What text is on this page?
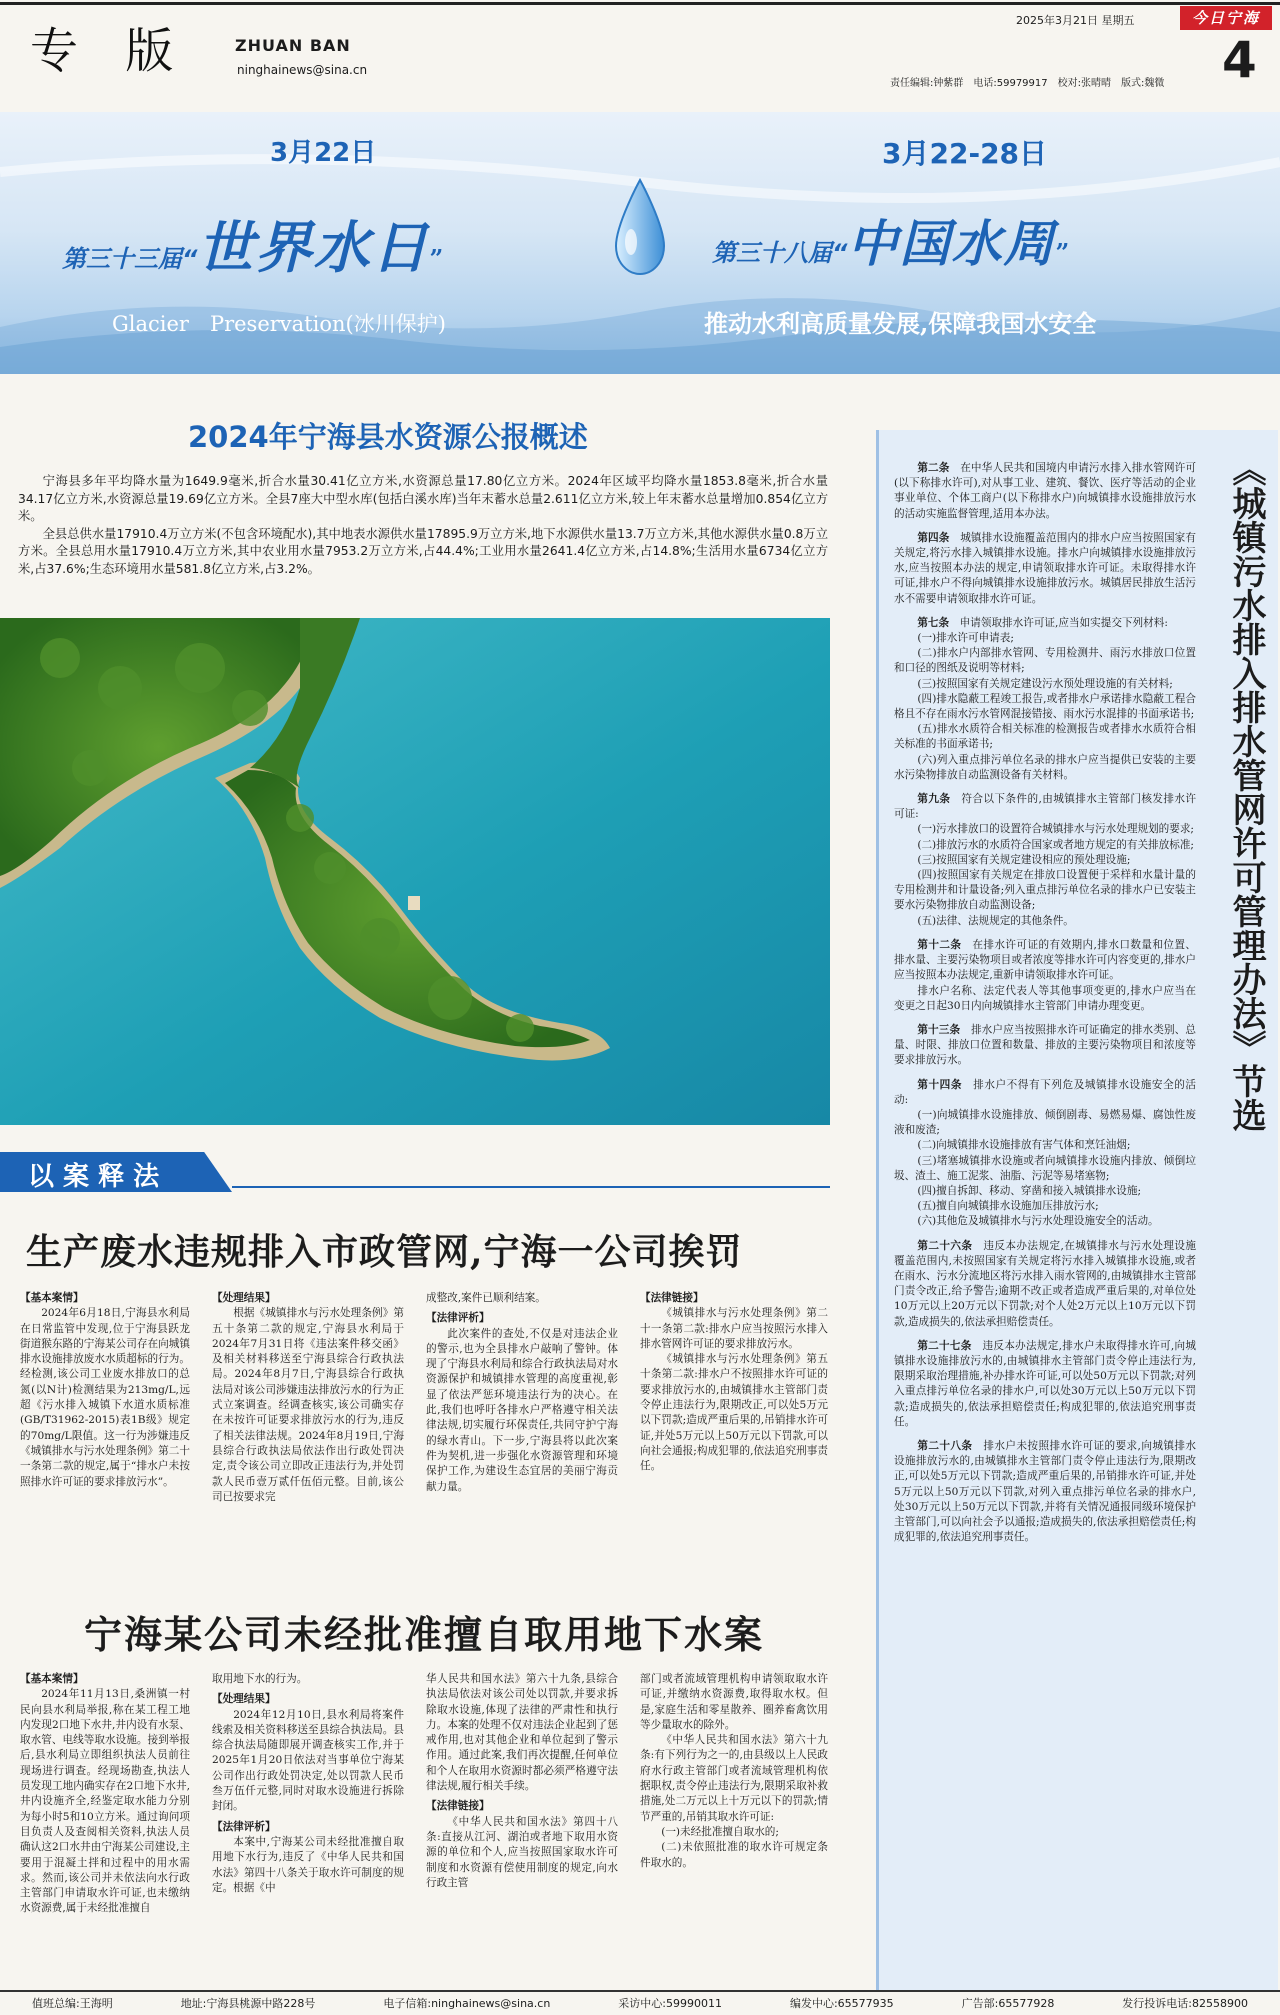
专 版	ZHUAN BAN
ninghainews@sina.cn
2025年3月21日 星期五	今日宁海
4
责任编辑:钟紫群　电话:59979917　校对:张晴晴　版式:魏微
3月22日	3月22-28日
第三十三届“世界水日”	第三十八届“中国水周”
Glacier　Preservation(冰川保护)	推动水利高质量发展,保障我国水安全
2024年宁海县水资源公报概述

宁海县多年平均降水量为1649.9毫米,折合水量30.41亿立方米,水资源总量17.80亿立方米。2024年区域平均降水量1853.8毫米,折合水量34.17亿立方米,水资源总量19.69亿立方米。全县7座大中型水库(包括白溪水库)当年末蓄水总量2.611亿立方米,较上年末蓄水总量增加0.854亿立方米。

全县总供水量17910.4万立方米(不包含环境配水),其中地表水源供水量17895.9万立方米,地下水源供水量13.7万立方米,其他水源供水量0.8万立方米。全县总用水量17910.4万立方米,其中农业用水量7953.2万立方米,占44.4%;工业用水量2641.4亿立方米,占14.8%;生活用水量6734亿立方米,占37.6%;生态环境用水量581.8亿立方米,占3.2%。

以 案 释 法
生产废水违规排入市政管网,宁海一公司挨罚

【基本案情】

2024年6月18日,宁海县水利局在日常监管中发现,位于宁海县跃龙街道猴东路的宁海某公司存在向城镇排水设施排放废水水质超标的行为。经检测,该公司工业废水排放口的总氮(以N计)检测结果为213mg/L,远超《污水排入城镇下水道水质标准(GB/T31962-2015)表1B级》规定的70mg/L限值。这一行为涉嫌违反《城镇排水与污水处理条例》第二十一条第二款的规定,属于“排水户未按照排水许可证的要求排放污水”。

【处理结果】

根据《城镇排水与污水处理条例》第五十条第二款的规定,宁海县水利局于2024年7月31日将《违法案件移交函》及相关材料移送至宁海县综合行政执法局。2024年8月7日,宁海县综合行政执法局对该公司涉嫌违法排放污水的行为正式立案调查。经调查核实,该公司确实存在未按许可证要求排放污水的行为,违反了相关法律法规。2024年8月19日,宁海县综合行政执法局依法作出行政处罚决定,责令该公司立即改正违法行为,并处罚款人民币壹万贰仟伍佰元整。目前,该公司已按要求完

成整改,案件已顺利结案。

【法律评析】

此次案件的查处,不仅是对违法企业的警示,也为全县排水户敲响了警钟。体现了宁海县水利局和综合行政执法局对水资源保护和城镇排水管理的高度重视,彰显了依法严惩环境违法行为的决心。在此,我们也呼吁各排水户严格遵守相关法律法规,切实履行环保责任,共同守护宁海的绿水青山。下一步,宁海县将以此次案件为契机,进一步强化水资源管理和环境保护工作,为建设生态宜居的美丽宁海贡献力量。

【法律链接】

《城镇排水与污水处理条例》第二十一条第二款:排水户应当按照污水排入排水管网许可证的要求排放污水。

《城镇排水与污水处理条例》第五十条第二款:排水户不按照排水许可证的要求排放污水的,由城镇排水主管部门责令停止违法行为,限期改正,可以处5万元以下罚款;造成严重后果的,吊销排水许可证,并处5万元以上50万元以下罚款,可以向社会通报;构成犯罪的,依法追究刑事责任。

宁海某公司未经批准擅自取用地下水案

【基本案情】

2024年11月13日,桑洲镇一村民向县水利局举报,称在某工程工地内发现2口地下水井,井内设有水泵、取水管、电线等取水设施。接到举报后,县水利局立即组织执法人员前往现场进行调查。经现场勘查,执法人员发现工地内确实存在2口地下水井,井内设施齐全,经鉴定取水能力分别为每小时5和10立方米。通过询问项目负责人及查阅相关资料,执法人员确认这2口水井由宁海某公司建设,主要用于混凝土拌和过程中的用水需求。然而,该公司并未依法向水行政主管部门申请取水许可证,也未缴纳水资源费,属于未经批准擅自

取用地下水的行为。

【处理结果】

2024年12月10日,县水利局将案件线索及相关资料移送至县综合执法局。县综合执法局随即展开调查核实工作,并于2025年1月20日依法对当事单位宁海某公司作出行政处罚决定,处以罚款人民币叁万伍仟元整,同时对取水设施进行拆除封闭。

【法律评析】

本案中,宁海某公司未经批准擅自取用地下水行为,违反了《中华人民共和国水法》第四十八条关于取水许可制度的规定。根据《中

华人民共和国水法》第六十九条,县综合执法局依法对该公司处以罚款,并要求拆除取水设施,体现了法律的严肃性和执行力。本案的处理不仅对违法企业起到了惩戒作用,也对其他企业和单位起到了警示作用。通过此案,我们再次提醒,任何单位和个人在取用水资源时都必须严格遵守法律法规,履行相关手续。

【法律链接】

《中华人民共和国水法》第四十八条:直接从江河、湖泊或者地下取用水资源的单位和个人,应当按照国家取水许可制度和水资源有偿使用制度的规定,向水行政主管

部门或者流域管理机构申请领取取水许可证,并缴纳水资源费,取得取水权。但是,家庭生活和零星散养、圈养畜禽饮用等少量取水的除外。

《中华人民共和国水法》第六十九条:有下列行为之一的,由县级以上人民政府水行政主管部门或者流域管理机构依据职权,责令停止违法行为,限期采取补救措施,处二万元以上十万元以下的罚款;情节严重的,吊销其取水许可证:

(一)未经批准擅自取水的;

(二)未依照批准的取水许可规定条件取水的。

第二条　在中华人民共和国境内申请污水排入排水管网许可(以下称排水许可),对从事工业、建筑、餐饮、医疗等活动的企业事业单位、个体工商户(以下称排水户)向城镇排水设施排放污水的活动实施监督管理,适用本办法。

第四条　城镇排水设施覆盖范围内的排水户应当按照国家有关规定,将污水排入城镇排水设施。排水户向城镇排水设施排放污水,应当按照本办法的规定,申请领取排水许可证。未取得排水许可证,排水户不得向城镇排水设施排放污水。城镇居民排放生活污水不需要申请领取排水许可证。

第七条　申请领取排水许可证,应当如实提交下列材料:

(一)排水许可申请表;

(二)排水户内部排水管网、专用检测井、雨污水排放口位置和口径的图纸及说明等材料;

(三)按照国家有关规定建设污水预处理设施的有关材料;

(四)排水隐蔽工程竣工报告,或者排水户承诺排水隐蔽工程合格且不存在雨水污水管网混接错接、雨水污水混排的书面承诺书;

(五)排水水质符合相关标准的检测报告或者排水水质符合相关标准的书面承诺书;

(六)列入重点排污单位名录的排水户应当提供已安装的主要水污染物排放自动监测设备有关材料。

第九条　符合以下条件的,由城镇排水主管部门核发排水许可证:

(一)污水排放口的设置符合城镇排水与污水处理规划的要求;

(二)排放污水的水质符合国家或者地方规定的有关排放标准;

(三)按照国家有关规定建设相应的预处理设施;

(四)按照国家有关规定在排放口设置便于采样和水量计量的专用检测井和计量设备;列入重点排污单位名录的排水户已安装主要水污染物排放自动监测设备;

(五)法律、法规规定的其他条件。

第十二条　在排水许可证的有效期内,排水口数量和位置、排水量、主要污染物项目或者浓度等排水许可内容变更的,排水户应当按照本办法规定,重新申请领取排水许可证。

排水户名称、法定代表人等其他事项变更的,排水户应当在变更之日起30日内向城镇排水主管部门申请办理变更。

第十三条　排水户应当按照排水许可证确定的排水类别、总量、时限、排放口位置和数量、排放的主要污染物项目和浓度等要求排放污水。

第十四条　排水户不得有下列危及城镇排水设施安全的活动:

(一)向城镇排水设施排放、倾倒剧毒、易燃易爆、腐蚀性废液和废渣;

(二)向城镇排水设施排放有害气体和烹饪油烟;

(三)堵塞城镇排水设施或者向城镇排水设施内排放、倾倒垃圾、渣土、施工泥浆、油脂、污泥等易堵塞物;

(四)擅自拆卸、移动、穿凿和接入城镇排水设施;

(五)擅自向城镇排水设施加压排放污水;

(六)其他危及城镇排水与污水处理设施安全的活动。

第二十六条　违反本办法规定,在城镇排水与污水处理设施覆盖范围内,未按照国家有关规定将污水排入城镇排水设施,或者在雨水、污水分流地区将污水排入雨水管网的,由城镇排水主管部门责令改正,给予警告;逾期不改正或者造成严重后果的,对单位处10万元以上20万元以下罚款;对个人处2万元以上10万元以下罚款,造成损失的,依法承担赔偿责任。

第二十七条　违反本办法规定,排水户未取得排水许可,向城镇排水设施排放污水的,由城镇排水主管部门责令停止违法行为,限期采取治理措施,补办排水许可证,可以处50万元以下罚款;对列入重点排污单位名录的排水户,可以处30万元以上50万元以下罚款;造成损失的,依法承担赔偿责任;构成犯罪的,依法追究刑事责任。

第二十八条　排水户未按照排水许可证的要求,向城镇排水设施排放污水的,由城镇排水主管部门责令停止违法行为,限期改正,可以处5万元以下罚款;造成严重后果的,吊销排水许可证,并处5万元以上50万元以下罚款,对列入重点排污单位名录的排水户,处30万元以上50万元以下罚款,并将有关情况通报同级环境保护主管部门,可以向社会予以通报;造成损失的,依法承担赔偿责任;构成犯罪的,依法追究刑事责任。

《城镇污水排入排水管网许可管理办法》节选
值班总编:王海明	地址:宁海县桃源中路228号	电子信箱:ninghainews@sina.cn	采访中心:59990011	编发中心:65577935	广告部:65577928	发行投诉电话:82558900
